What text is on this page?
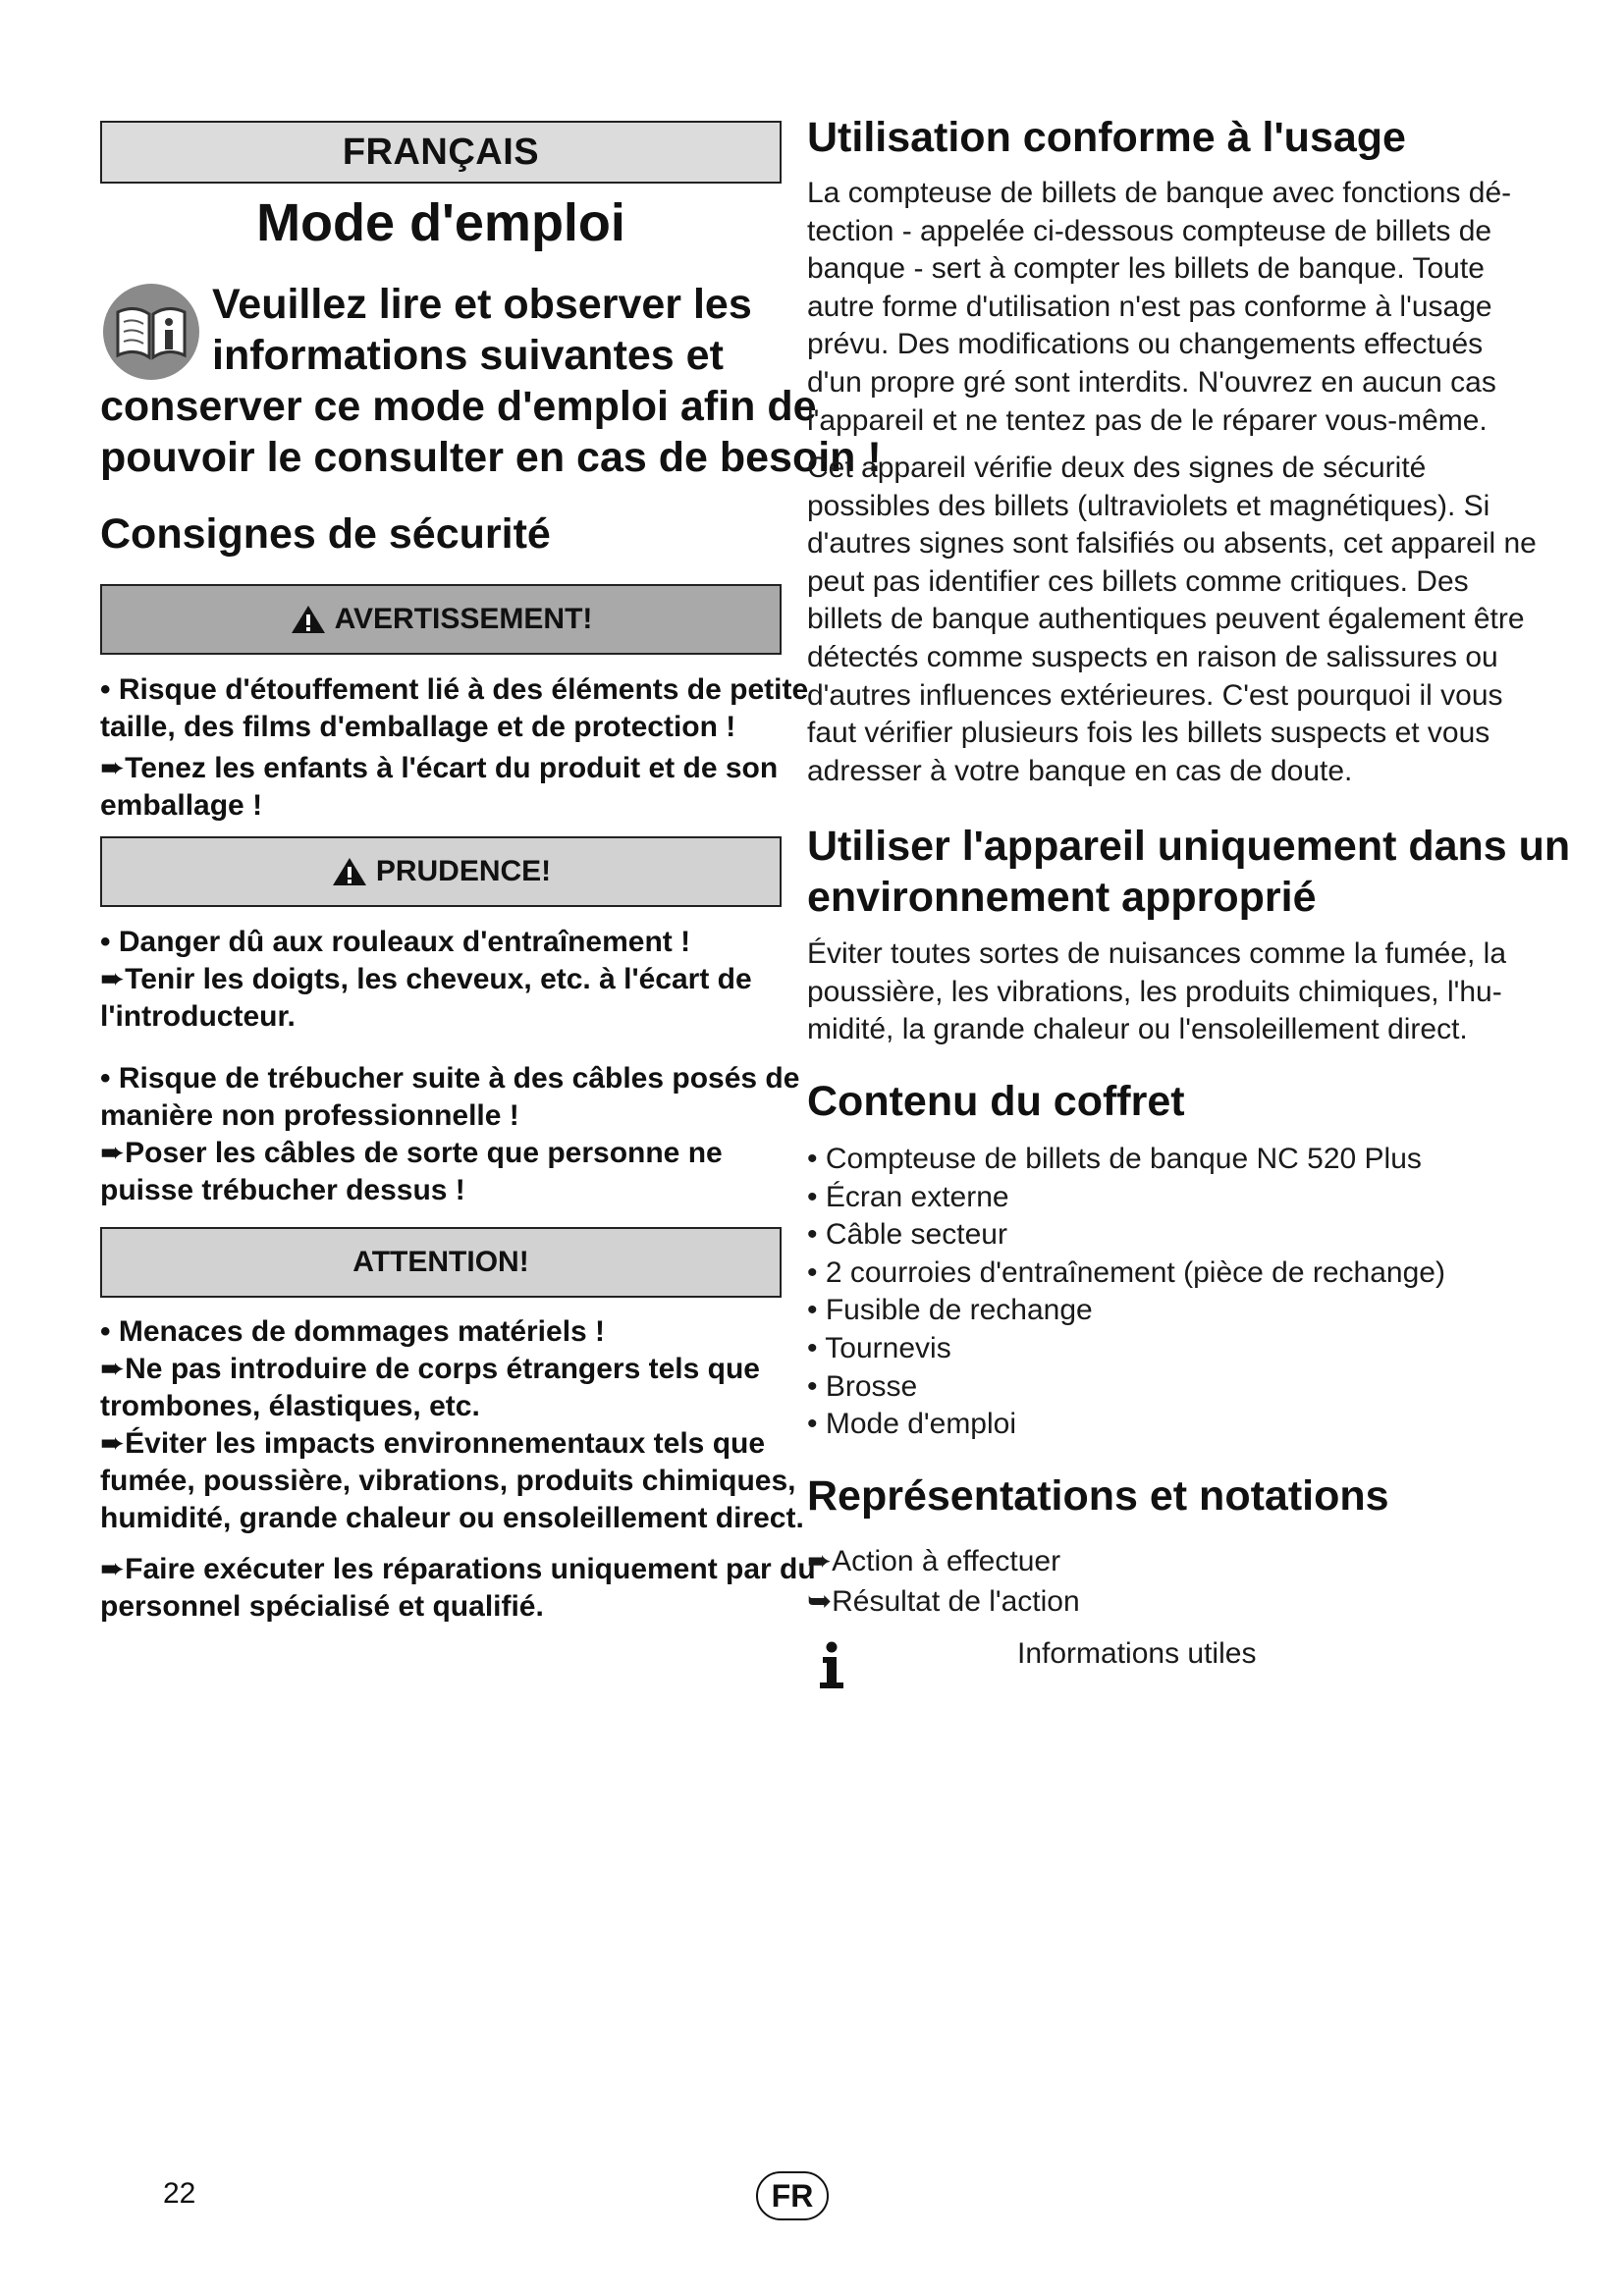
FRANÇAIS
Mode d'emploi
Veuillez lire et observer les
informations suivantes et
conserver ce mode d'emploi afin de
pouvoir le consulter en cas de besoin !
Consignes de sécurité
AVERTISSEMENT!
• Risque d'étouffement lié à des éléments de petite
taille, des films d'emballage et de protection !
➨Tenez les enfants à l'écart du produit et de son
emballage !
PRUDENCE!
• Danger dû aux rouleaux d'entraînement !
➨Tenir les doigts, les cheveux, etc. à l'écart de
l'introducteur.
• Risque de trébucher suite à des câbles posés de
manière non professionnelle !
➨Poser les câbles de sorte que personne ne
puisse trébucher dessus !
ATTENTION!
• Menaces de dommages matériels !
➨Ne pas introduire de corps étrangers tels que
trombones, élastiques, etc.
➨Éviter les impacts environnementaux tels que
fumée, poussière, vibrations, produits chimiques,
humidité, grande chaleur ou ensoleillement direct.
➨Faire exécuter les réparations uniquement par du
personnel spécialisé et qualifié.
Utilisation conforme à l'usage
La compteuse de billets de banque avec fonctions dé-
tection - appelée ci-dessous compteuse de billets de
banque - sert à compter les billets de banque. Toute
autre forme d'utilisation n'est pas conforme à l'usage
prévu. Des modifications ou changements effectués
d'un propre gré sont interdits. N'ouvrez en aucun cas
l'appareil et ne tentez pas de le réparer vous-même.
Cet appareil vérifie deux des signes de sécurité
possibles des billets (ultraviolets et magnétiques). Si
d'autres signes sont falsifiés ou absents, cet appareil ne
peut pas identifier ces billets comme critiques. Des
billets de banque authentiques peuvent également être
détectés comme suspects en raison de salissures ou
d'autres influences extérieures. C'est pourquoi il vous
faut vérifier plusieurs fois les billets suspects et vous
adresser à votre banque en cas de doute.
Utiliser l'appareil uniquement dans un
environnement approprié
Éviter toutes sortes de nuisances comme la fumée, la
poussière, les vibrations, les produits chimiques, l'hu-
midité, la grande chaleur ou l'ensoleillement direct.
Contenu du coffret
• Compteuse de billets de banque NC 520 Plus
• Écran externe
• Câble secteur
• 2 courroies d'entraînement (pièce de rechange)
• Fusible de rechange
• Tournevis
• Brosse
• Mode d'emploi
Représentations et notations
➨Action à effectuer
➥Résultat de l'action
Informations utiles
22	FR
